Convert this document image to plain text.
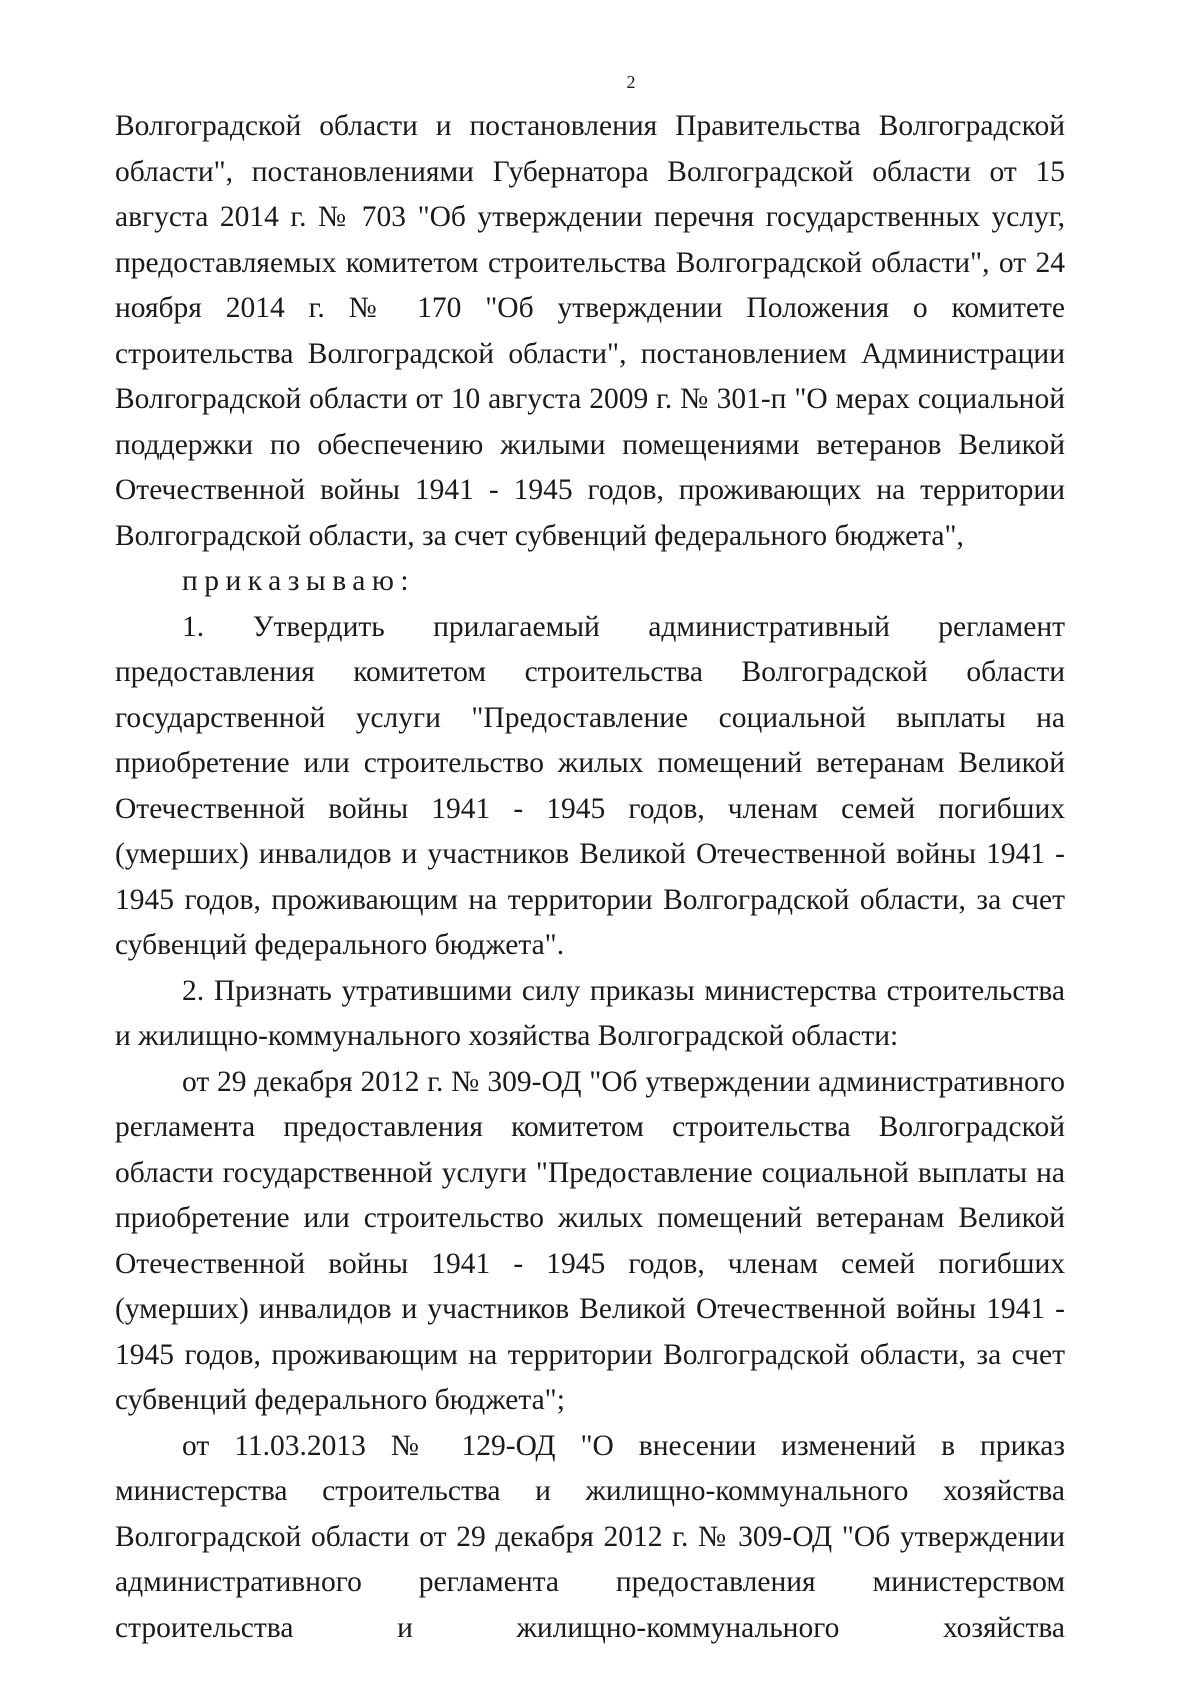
2

Волгоградской области и постановления Правительства Волгоградской области", постановлениями Губернатора Волгоградской области от 15 августа 2014 г. № 703 "Об утверждении перечня государственных услуг, предоставляемых комитетом строительства Волгоградской области", от 24 ноября 2014 г. № 170 "Об утверждении Положения о комитете строительства Волгоградской области", постановлением Администрации Волгоградской области от 10 августа 2009 г. № 301-п "О мерах социальной поддержки по обеспечению жилыми помещениями ветеранов Великой Отечественной войны 1941 - 1945 годов, проживающих на территории Волгоградской области, за счет субвенций федерального бюджета",

приказываю:

1. Утвердить прилагаемый административный регламент предоставления комитетом строительства Волгоградской области государственной услуги "Предоставление социальной выплаты на приобретение или строительство жилых помещений ветеранам Великой Отечественной войны 1941 - 1945 годов, членам семей погибших (умерших) инвалидов и участников Великой Отечественной войны 1941 - 1945 годов, проживающим на территории Волгоградской области, за счет субвенций федерального бюджета".

2. Признать утратившими силу приказы министерства строительства и жилищно-коммунального хозяйства Волгоградской области:

от 29 декабря 2012 г. № 309-ОД "Об утверждении административного регламента предоставления комитетом строительства Волгоградской области государственной услуги "Предоставление социальной выплаты на приобретение или строительство жилых помещений ветеранам Великой Отечественной войны 1941 - 1945 годов, членам семей погибших (умерших) инвалидов и участников Великой Отечественной войны 1941 - 1945 годов, проживающим на территории Волгоградской области, за счет субвенций федерального бюджета";

от 11.03.2013 № 129-ОД "О внесении изменений в приказ министерства строительства и жилищно-коммунального хозяйства Волгоградской области от 29 декабря 2012 г. № 309-ОД "Об утверждении административного регламента предоставления министерством строительства и жилищно-коммунального хозяйства
